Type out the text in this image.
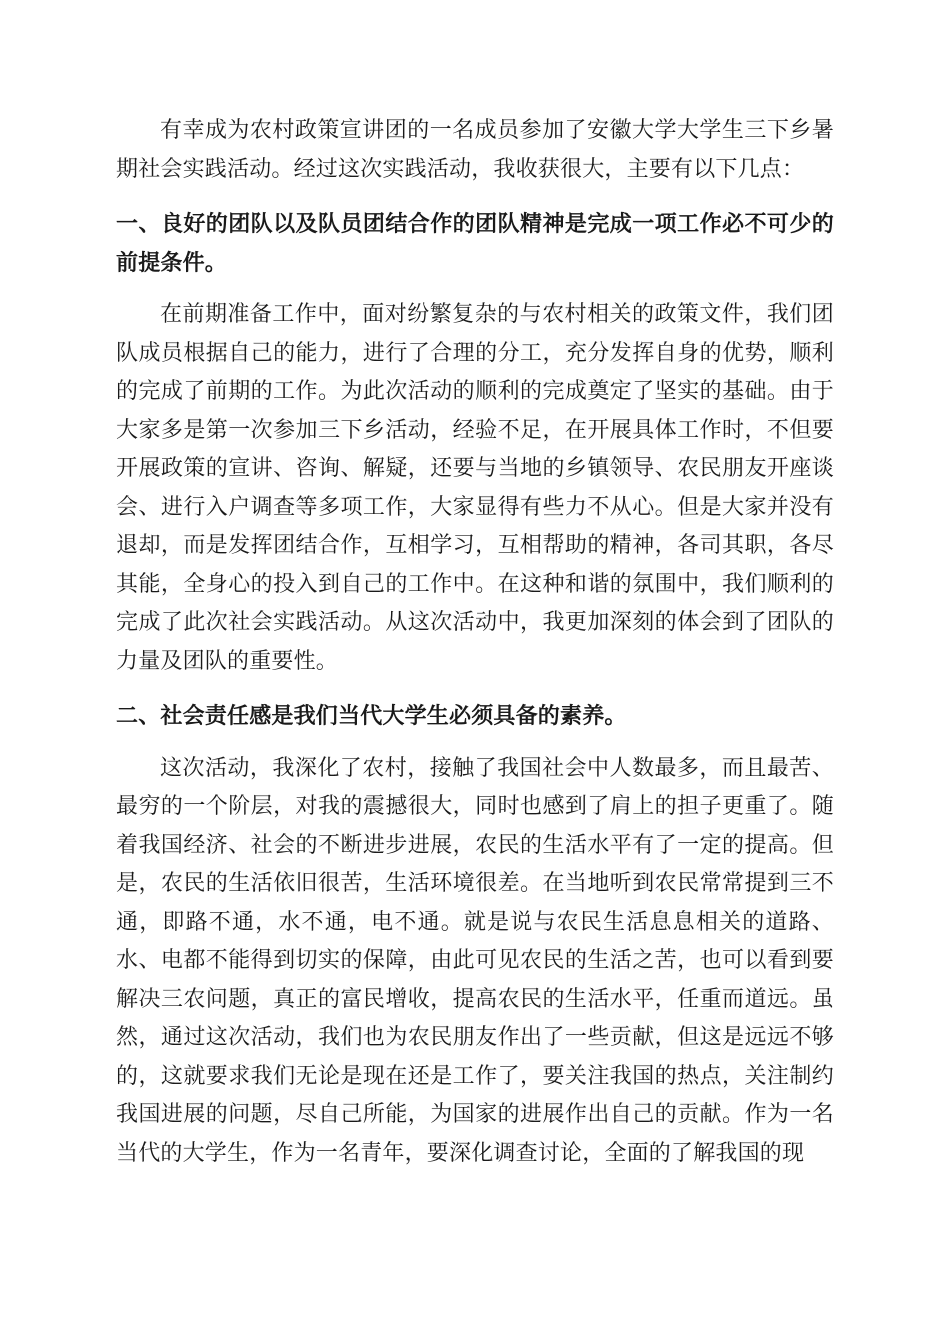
有幸成为农村政策宣讲团的一名成员参加了安徽大学大学生三下乡暑期社会实践活动。经过这次实践活动，我收获很大，主要有以下几点：

一、良好的团队以及队员团结合作的团队精神是完成一项工作必不可少的前提条件。

在前期准备工作中，面对纷繁复杂的与农村相关的政策文件，我们团队成员根据自己的能力，进行了合理的分工，充分发挥自身的优势，顺利的完成了前期的工作。为此次活动的顺利的完成奠定了坚实的基础。由于大家多是第一次参加三下乡活动，经验不足，在开展具体工作时，不但要开展政策的宣讲、咨询、解疑，还要与当地的乡镇领导、农民朋友开座谈会、进行入户调查等多项工作，大家显得有些力不从心。但是大家并没有退却，而是发挥团结合作，互相学习，互相帮助的精神，各司其职，各尽其能，全身心的投入到自己的工作中。在这种和谐的氛围中，我们顺利的完成了此次社会实践活动。从这次活动中，我更加深刻的体会到了团队的力量及团队的重要性。

二、社会责任感是我们当代大学生必须具备的素养。

这次活动，我深化了农村，接触了我国社会中人数最多，而且最苦、最穷的一个阶层，对我的震撼很大，同时也感到了肩上的担子更重了。随着我国经济、社会的不断进步进展，农民的生活水平有了一定的提高。但是，农民的生活依旧很苦，生活环境很差。在当地听到农民常常提到三不通，即路不通，水不通，电不通。就是说与农民生活息息相关的道路、水、电都不能得到切实的保障，由此可见农民的生活之苦，也可以看到要解决三农问题，真正的富民增收，提高农民的生活水平，任重而道远。虽然，通过这次活动，我们也为农民朋友作出了一些贡献，但这是远远不够的，这就要求我们无论是现在还是工作了，要关注我国的热点，关注制约我国进展的问题，尽自己所能，为国家的进展作出自己的贡献。作为一名当代的大学生，作为一名青年，要深化调查讨论，全面的了解我国的现
